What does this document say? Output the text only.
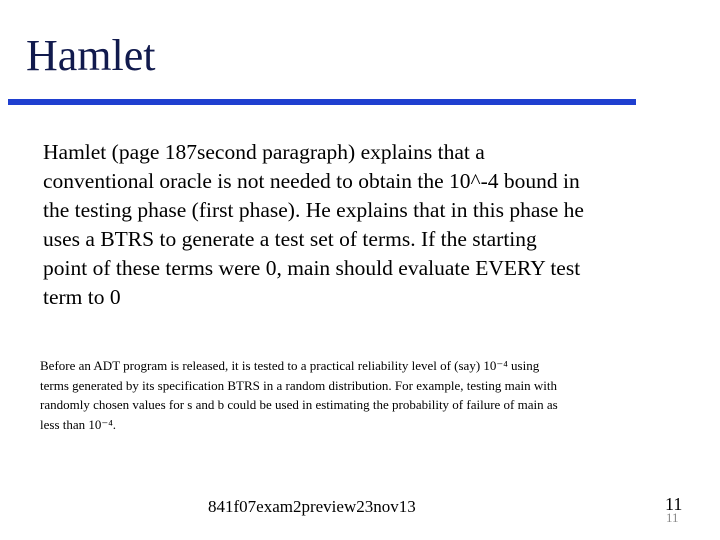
Hamlet
Hamlet (page 187second paragraph) explains that a
conventional oracle is not needed to obtain the 10^-4 bound in
the testing phase (first phase). He explains that in this phase he
uses a BTRS to generate a test set of terms. If the starting
point of these terms were 0, main should evaluate EVERY test
term to 0
Before an ADT program is released, it is tested to a practical reliability level of (say) 10⁻⁴ using
terms generated by its specification BTRS in a random distribution. For example, testing main with
randomly chosen values for s and b could be used in estimating the probability of failure of main as
less than 10⁻⁴.
841f07exam2preview23nov13	11
11
